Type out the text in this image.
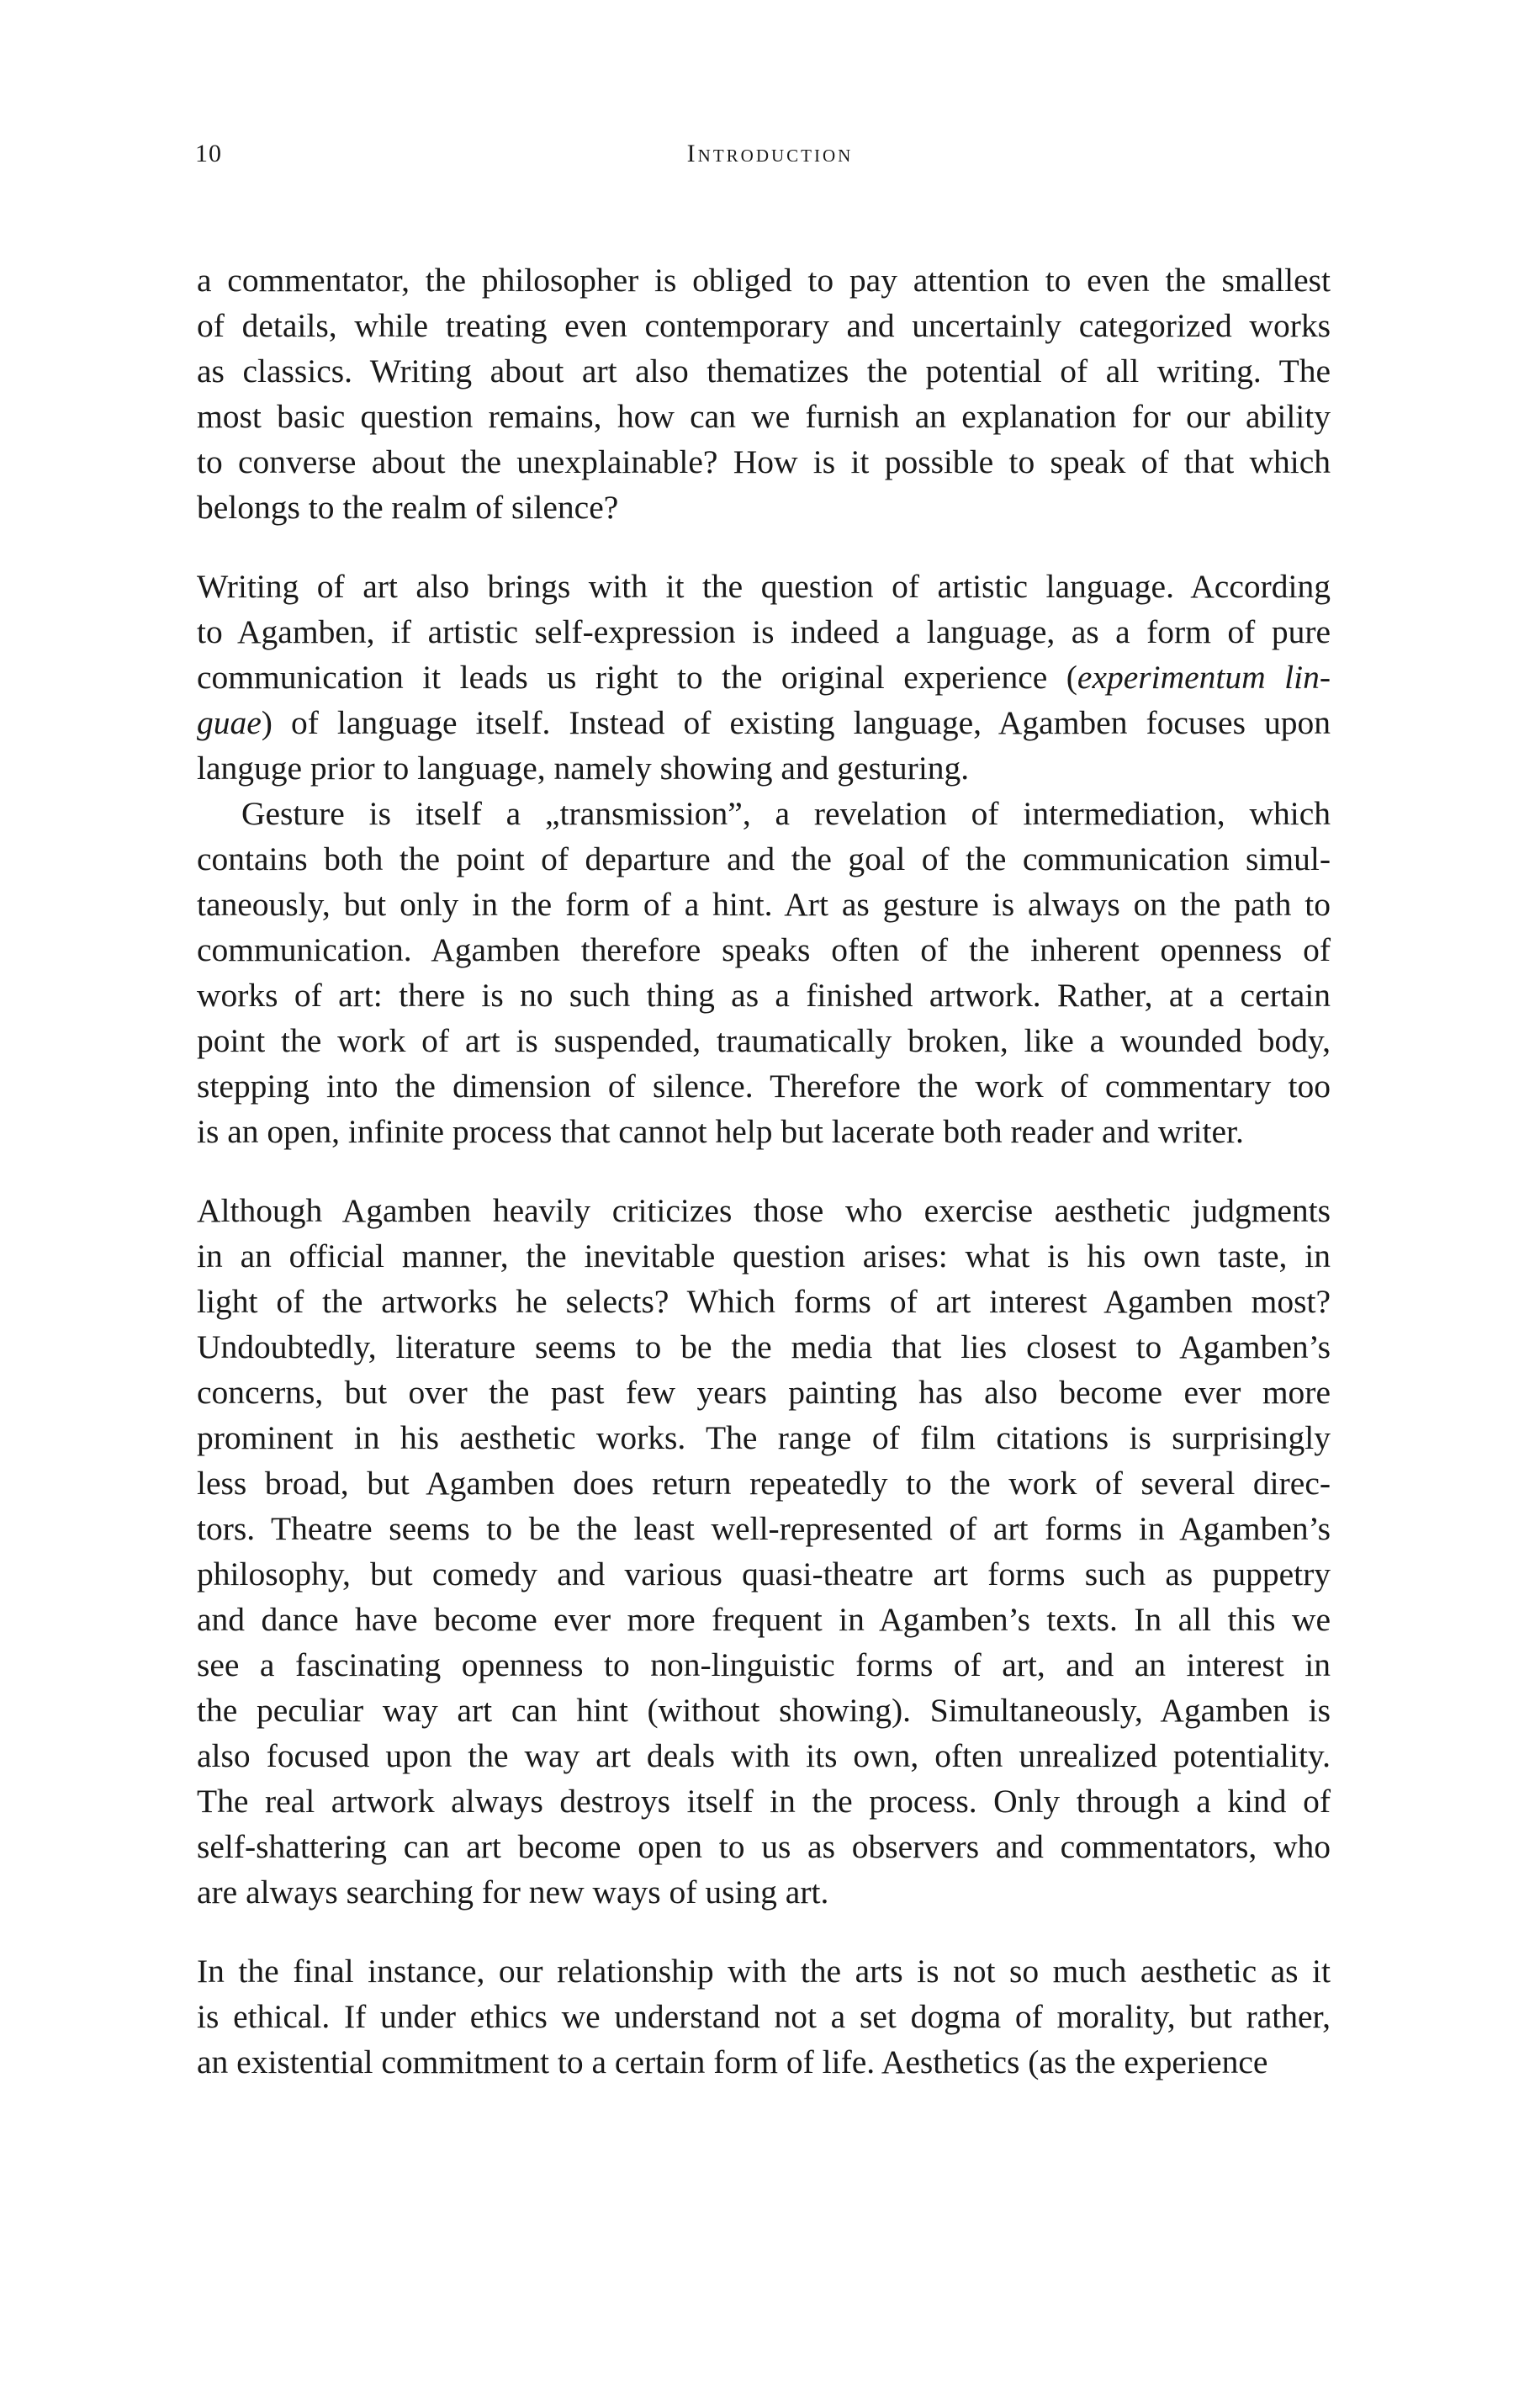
10	Introduction
a commentator, the philosopher is obliged to pay attention to even the smallest
of details, while treating even contemporary and uncertainly categorized works
as classics. Writing about art also thematizes the potential of all writing. The
most basic question remains, how can we furnish an explanation for our ability
to converse about the unexplainable? How is it possible to speak of that which
belongs to the realm of silence?
Writing of art also brings with it the question of artistic language. According
to Agamben, if artistic self-expression is indeed a language, as a form of pure
communication it leads us right to the original experience (experimentum lin-
guae) of language itself. Instead of existing language, Agamben focuses upon
languge prior to language, namely showing and gesturing.
Gesture is itself a „transmission”, a revelation of intermediation, which
contains both the point of departure and the goal of the communication simul-
taneously, but only in the form of a hint. Art as gesture is always on the path to
communication. Agamben therefore speaks often of the inherent openness of
works of art: there is no such thing as a finished artwork. Rather, at a certain
point the work of art is suspended, traumatically broken, like a wounded body,
stepping into the dimension of silence. Therefore the work of commentary too
is an open, infinite process that cannot help but lacerate both reader and writer.
Although Agamben heavily criticizes those who exercise aesthetic judgments
in an official manner, the inevitable question arises: what is his own taste, in
light of the artworks he selects? Which forms of art interest Agamben most?
Undoubtedly, literature seems to be the media that lies closest to Agamben’s
concerns, but over the past few years painting has also become ever more
prominent in his aesthetic works. The range of film citations is surprisingly
less broad, but Agamben does return repeatedly to the work of several direc-
tors. Theatre seems to be the least well-represented of art forms in Agamben’s
philosophy, but comedy and various quasi-theatre art forms such as puppetry
and dance have become ever more frequent in Agamben’s texts. In all this we
see a fascinating openness to non-linguistic forms of art, and an interest in
the peculiar way art can hint (without showing). Simultaneously, Agamben is
also focused upon the way art deals with its own, often unrealized potentiality.
The real artwork always destroys itself in the process. Only through a kind of
self-shattering can art become open to us as observers and commentators, who
are always searching for new ways of using art.
In the final instance, our relationship with the arts is not so much aesthetic as it
is ethical. If under ethics we understand not a set dogma of morality, but rather,
an existential commitment to a certain form of life. Aesthetics (as the experience
